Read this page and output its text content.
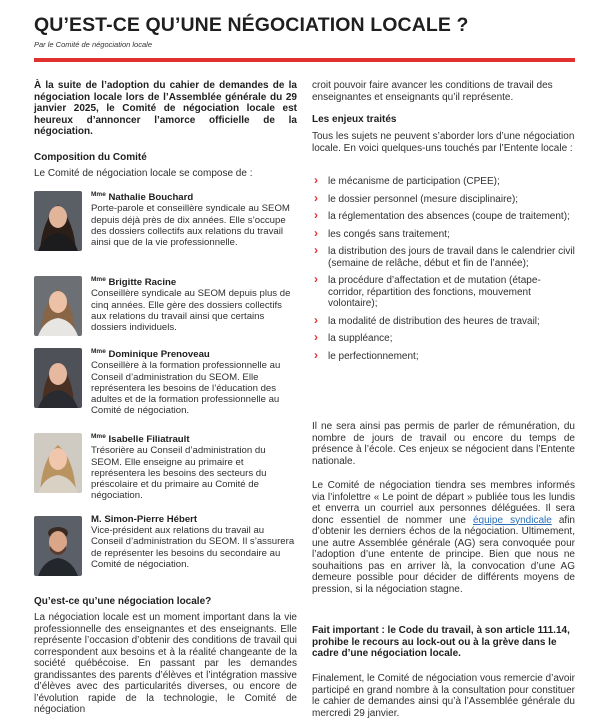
QU’EST-CE QU’UNE NÉGOCIATION LOCALE ?
Par le Comité de négociation locale
À la suite de l’adoption du cahier de demandes de la négociation locale lors de l’Assemblée générale du 29 janvier 2025, le Comité de négociation locale est heureux d’annoncer l’amorce officielle de la négociation.
Composition du Comité
Le Comité de négociation locale se compose de :
$^{Mme}$ Nathalie Bouchard
Porte-parole et conseillère syndicale au SEOM depuis déjà près de dix années. Elle s’occupe des dossiers collectifs aux relations du travail ainsi que de la vie professionnelle.
$^{Mme}$ Brigitte Racine
Conseillère syndicale au SEOM depuis plus de cinq années. Elle gère des dossiers collectifs aux relations du travail ainsi que certains dossiers individuels.
$^{Mme}$ Dominique Prenoveau
Conseillère à la formation professionnelle au Conseil d’administration du SEOM. Elle représentera les besoins de l’éducation des adultes et de la formation professionnelle au Comité de négociation.
$^{Mme}$ Isabelle Filiatrault
Trésorière au Conseil d’administration du SEOM. Elle enseigne au primaire et représentera les besoins des secteurs du préscolaire et du primaire au Comité de négociation.
M. Simon-Pierre Hébert
Vice-président aux relations du travail au Conseil d’administration du SEOM. Il s’assurera de représenter les besoins du secondaire au Comité de négociation.
Qu’est-ce qu’une négociation locale?
La négociation locale est un moment important dans la vie professionnelle des enseignantes et des enseignants. Elle représente l’occasion d’obtenir des conditions de travail qui correspondent aux besoins et à la réalité changeante de la société québécoise. En passant par les demandes grandissantes des parents d’élèves et l’intégration massive d’élèves avec des particularités diverses, ou encore de l’évolution rapide de la technologie, le Comité de négociation
croit pouvoir faire avancer les conditions de travail des enseignantes et enseignants qu’il représente.
Les enjeux traités
Tous les sujets ne peuvent s’aborder lors d’une négociation locale. En voici quelques-uns touchés par l’Entente locale :
› le mécanisme de participation (CPEE);
› le dossier personnel (mesure disciplinaire);
› la réglementation des absences (coupe de traitement);
› les congés sans traitement;
› la distribution des jours de travail dans le calendrier civil (semaine de relâche, début et fin de l’année);
› la procédure d’affectation et de mutation (étape-corridor, répartition des fonctions, mouvement volontaire);
› la modalité de distribution des heures de travail;
› la suppléance;
› le perfectionnement;
Il ne sera ainsi pas permis de parler de rémunération, du nombre de jours de travail ou encore du temps de présence à l’école. Ces enjeux se négocient dans l’Entente nationale.
Le Comité de négociation tiendra ses membres informés via l’infolettre « Le point de départ » publiée tous les lundis et enverra un courriel aux personnes déléguées. Il sera donc essentiel de nommer une équipe syndicale afin d’obtenir les derniers échos de la négociation. Ultimement, une autre Assemblée générale (AG) sera convoquée pour l’adoption d’une entente de principe. Bien que nous ne souhaitions pas en arriver là, la convocation d’une AG demeure possible pour décider de différents moyens de pression, si la négociation stagne.
Fait important : le Code du travail, à son article 111.14, prohibe le recours au lock-out ou à la grève dans le cadre d’une négociation locale.
Finalement, le Comité de négociation vous remercie d’avoir participé en grand nombre à la consultation pour constituer le cahier de demandes ainsi qu’à l’Assemblée générale du mercredi 29 janvier.
